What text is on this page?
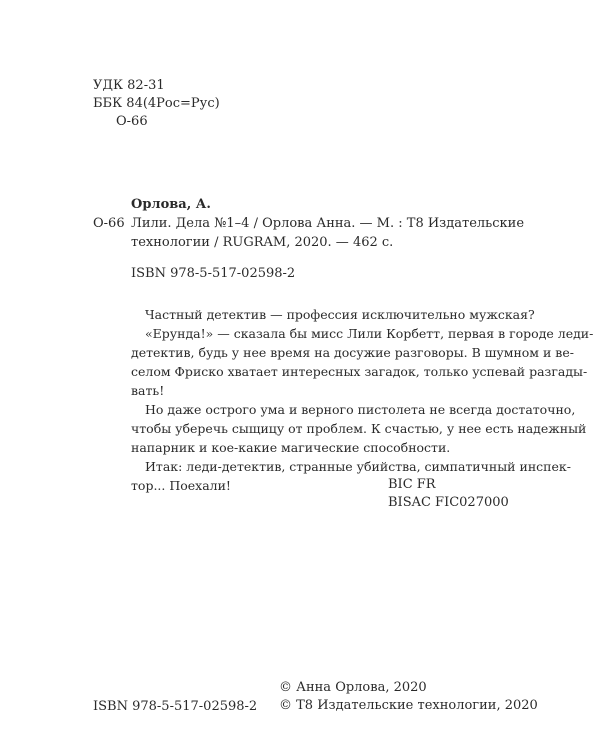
УДК 82-31
ББК 84(4Рос=Рус)
О-66
Орлова, А.
О-66 Лили. Дела №1–4 / Орлова Анна. — М. : Т8 Издательские
технологии / RUGRAM, 2020. — 462 с.
ISBN 978-5-517-02598-2
Частный детектив — профессия исключительно мужская?
«Ерунда!» — сказала бы мисс Лили Корбетт, первая в городе леди-
детектив, будь у нее время на досужие разговоры. В шумном и ве-
селом Фриско хватает интересных загадок, только успевай разгады-
вать!
Но даже острого ума и верного пистолета не всегда достаточно,
чтобы уберечь сыщицу от проблем. К счастью, у нее есть надежный
напарник и кое-какие магические способности.
Итак: леди-детектив, странные убийства, симпатичный инспек-
тор... Поехали!	BIC FR
BISAC FIC027000
ISBN 978-5-517-02598-2
© Анна Орлова, 2020
© Т8 Издательские технологии, 2020
